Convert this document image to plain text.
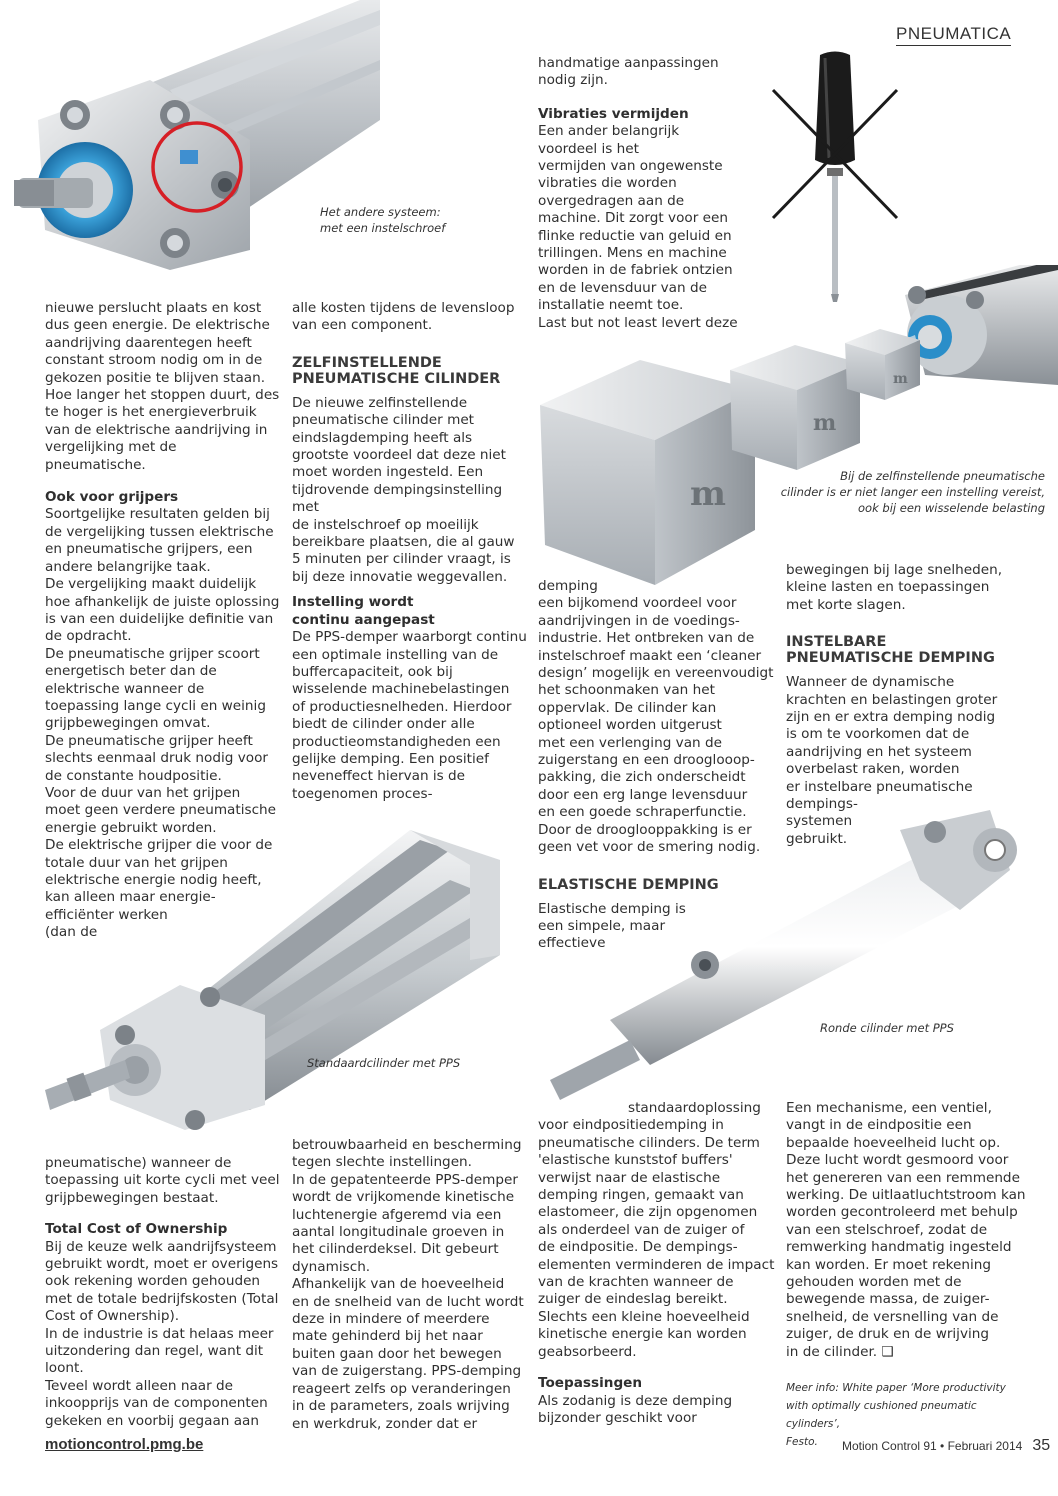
PNEUMATICA
Het andere systeem:
met een instelschroef
m
m
m
Bij de zelfinstellende pneumatische
cilinder is er niet langer een instelling vereist,
ook bij een wisselende belasting
Standaardcilinder met PPS
Ronde cilinder met PPS

nieuwe perslucht plaats en kost

dus geen energie. De elektrische

aandrijving daarentegen heeft

constant stroom nodig om in de

gekozen positie te blijven staan.

Hoe langer het stoppen duurt, des

te hoger is het energieverbruik

van de elektrische aandrijving in

vergelijking met de pneumatische.

Ook voor grijpers

Soortgelijke resultaten gelden bij

de vergelijking tussen elektrische

en pneumatische grijpers, een

andere belangrijke taak.

De vergelijking maakt duidelijk

hoe afhankelijk de juiste oplossing

is van een duidelijke definitie van

de opdracht.

De pneumatische grijper scoort

energetisch beter dan de

elektrische wanneer de

toepassing lange cycli en weinig

grijpbewegingen omvat.

De pneumatische grijper heeft

slechts eenmaal druk nodig voor

de constante houdpositie.

Voor de duur van het grijpen

moet geen verdere pneumatische

energie gebruikt worden.

De elektrische grijper die voor de

totale duur van het grijpen

elektrische energie nodig heeft,

kan alleen maar energie-

efficiënter werken

(dan de

pneumatische) wanneer de

toepassing uit korte cycli met veel

grijpbewegingen bestaat.

Total Cost of Ownership

Bij de keuze welk aandrijfsysteem

gebruikt wordt, moet er overigens

ook rekening worden gehouden

met de totale bedrijfskosten (Total

Cost of Ownership).

In de industrie is dat helaas meer

uitzondering dan regel, want dit

loont.

Teveel wordt alleen naar de

inkoopprijs van de componenten

gekeken en voorbij gegaan aan

alle kosten tijdens de levensloop

van een component.

ZELFINSTELLENDE
PNEUMATISCHE CILINDER

De nieuwe zelfinstellende

pneumatische cilinder met

eindslagdemping heeft als

grootste voordeel dat deze niet

moet worden ingesteld. Een

tijdrovende dempingsinstelling met

de instelschroef op moeilijk

bereikbare plaatsen, die al gauw

5 minuten per cilinder vraagt, is

bij deze innovatie weggevallen.

Instelling wordt
continu aangepast

De PPS-demper waarborgt continu

een optimale instelling van de

buffercapaciteit, ook bij

wisselende machinebelastingen

of productiesnelheden. Hierdoor

biedt de cilinder onder alle

productieomstandigheden een

gelijke demping. Een positief

neveneffect hiervan is de

toegenomen proces-

betrouwbaarheid en bescherming

tegen slechte instellingen.

In de gepatenteerde PPS-demper

wordt de vrijkomende kinetische

luchtenergie afgeremd via een

aantal longitudinale groeven in

het cilinderdeksel. Dit gebeurt

dynamisch.

Afhankelijk van de hoeveelheid

en de snelheid van de lucht wordt

deze in mindere of meerdere

mate gehinderd bij het naar

buiten gaan door het bewegen

van de zuigerstang. PPS-demping

reageert zelfs op veranderingen

in de parameters, zoals wrijving

en werkdruk, zonder dat er

handmatige aanpassingen

nodig zijn.

Vibraties vermijden

Een ander belangrijk

voordeel is het

vermijden van ongewenste

vibraties die worden

overgedragen aan de

machine. Dit zorgt voor een

flinke reductie van geluid en

trillingen. Mens en machine

worden in de fabriek ontzien

en de levensduur van de

installatie neemt toe.

Last but not least levert deze

demping

een bijkomend voordeel voor

aandrijvingen in de voedings-

industrie. Het ontbreken van de

instelschroef maakt een ‘cleaner

design’ mogelijk en vereenvoudigt

het schoonmaken van het

oppervlak. De cilinder kan

optioneel worden uitgerust

met een verlenging van de

zuigerstang en een drooglooop-

pakking, die zich onderscheidt

door een erg lange levensduur

en een goede schraperfunctie.

Door de drooglooppakking is er

geen vet voor de smering nodig.

ELASTISCHE DEMPING

Elastische demping is

een simpele, maar

effectieve

standaardoplossing

voor eindpositiedemping in

pneumatische cilinders. De term

'elastische kunststof buffers'

verwijst naar de elastische

demping ringen, gemaakt van

elastomeer, die zijn opgenomen

als onderdeel van de zuiger of

de eindpositie. De dempings-

elementen verminderen de impact

van de krachten wanneer de

zuiger de eindeslag bereikt.

Slechts een kleine hoeveelheid

kinetische energie kan worden

geabsorbeerd.

Toepassingen

Als zodanig is deze demping

bijzonder geschikt voor

bewegingen bij lage snelheden,

kleine lasten en toepassingen

met korte slagen.

INSTELBARE
PNEUMATISCHE DEMPING

Wanneer de dynamische

krachten en belastingen groter

zijn en er extra demping nodig

is om te voorkomen dat de

aandrijving en het systeem

overbelast raken, worden

er instelbare pneumatische

dempings-

systemen

gebruikt.

Een mechanisme, een ventiel,

vangt in de eindpositie een

bepaalde hoeveelheid lucht op.

Deze lucht wordt gesmoord voor

het genereren van een remmende

werking. De uitlaatluchtstroom kan

worden gecontroleerd met behulp

van een stelschroef, zodat de

remwerking handmatig ingesteld

kan worden. Er moet rekening

gehouden worden met de

bewegende massa, de zuiger-

snelheid, de versnelling van de

zuiger, de druk en de wrijving

in de cilinder. ❑

Meer info: White paper ‘More productivity
with optimally cushioned pneumatic cylinders’,
Festo.
motioncontrol.pmg.be	Motion Control 91 • Februari 2014 35
